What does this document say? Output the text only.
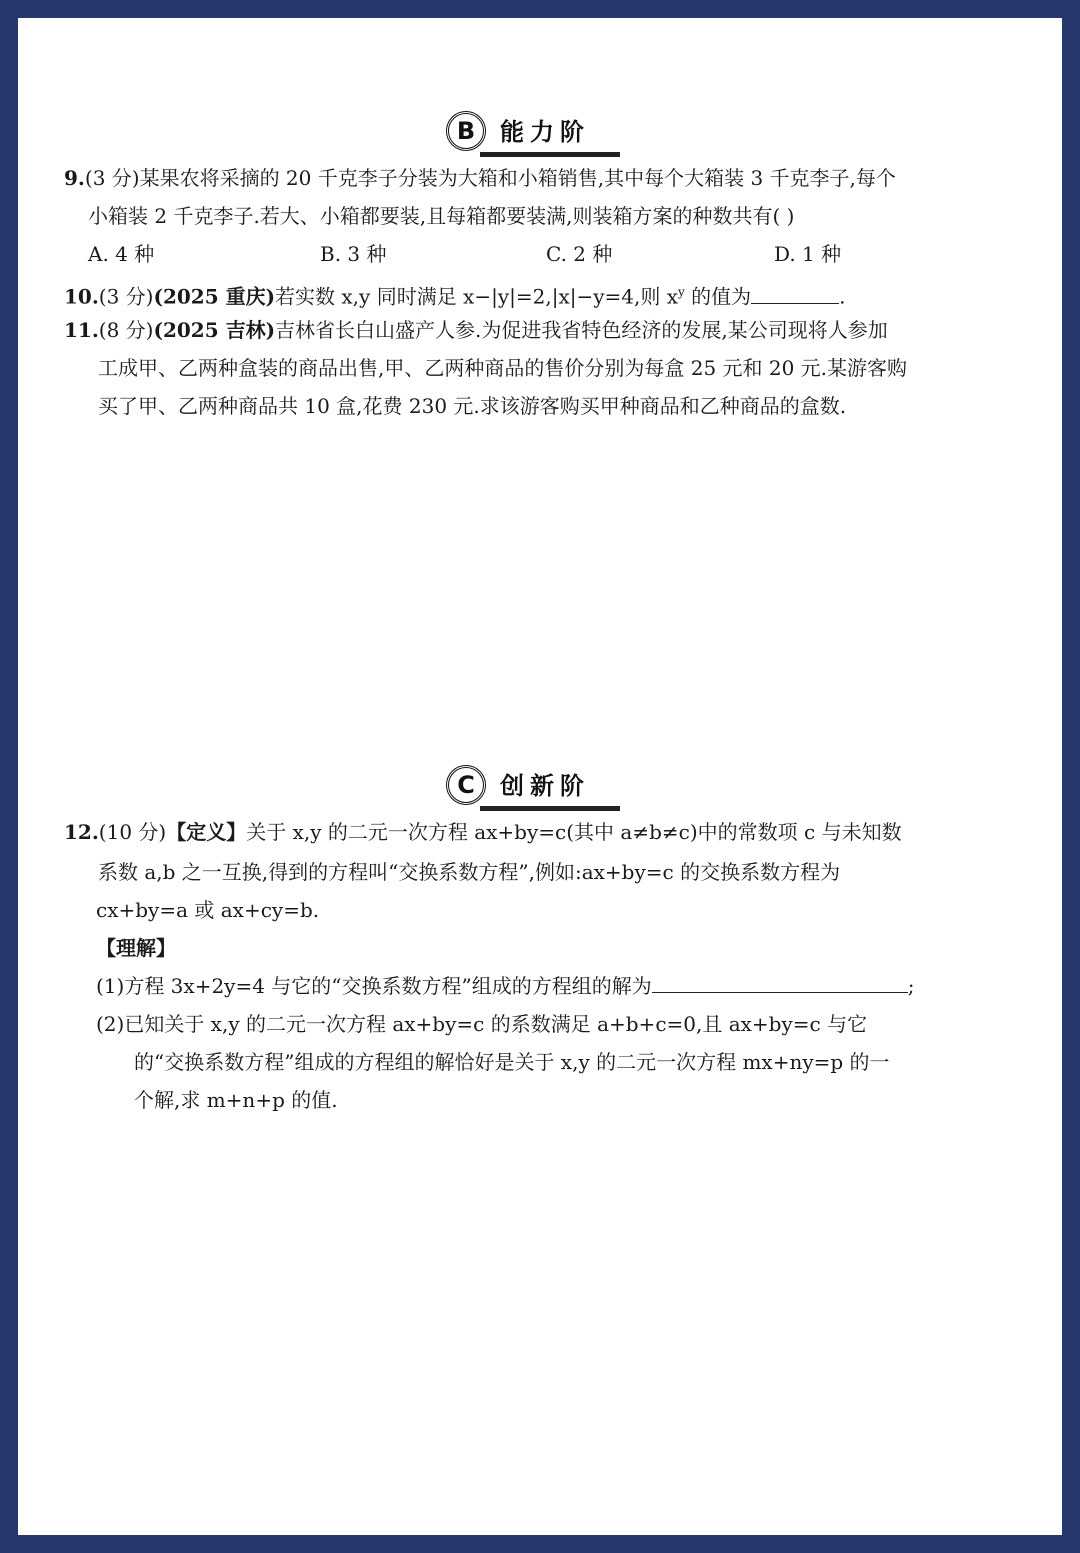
B	能力阶
9.(3 分)某果农将采摘的 20 千克李子分装为大箱和小箱销售,其中每个大箱装 3 千克李子,每个
小箱装 2 千克李子.若大、小箱都要装,且每箱都要装满,则装箱方案的种数共有( )
A. 4 种	B. 3 种	C. 2 种	D. 1 种
10.(3 分)(2025 重庆)若实数 x,y 同时满足 x−|y|=2,|x|−y=4,则 $x^y$ 的值为	.
11.(8 分)(2025 吉林)吉林省长白山盛产人参.为促进我省特色经济的发展,某公司现将人参加
工成甲、乙两种盒装的商品出售,甲、乙两种商品的售价分别为每盒 25 元和 20 元.某游客购
买了甲、乙两种商品共 10 盒,花费 230 元.求该游客购买甲种商品和乙种商品的盒数.
C	创新阶
12.(10 分)【定义】关于 x,y 的二元一次方程 ax+by=c(其中 a≠b≠c)中的常数项 c 与未知数
系数 a,b 之一互换,得到的方程叫“交换系数方程”,例如:ax+by=c 的交换系数方程为
cx+by=a 或 ax+cy=b.
【理解】
(1)方程 3x+2y=4 与它的“交换系数方程”组成的方程组的解为	;
(2)已知关于 x,y 的二元一次方程 ax+by=c 的系数满足 a+b+c=0,且 ax+by=c 与它
的“交换系数方程”组成的方程组的解恰好是关于 x,y 的二元一次方程 mx+ny=p 的一
个解,求 m+n+p 的值.
